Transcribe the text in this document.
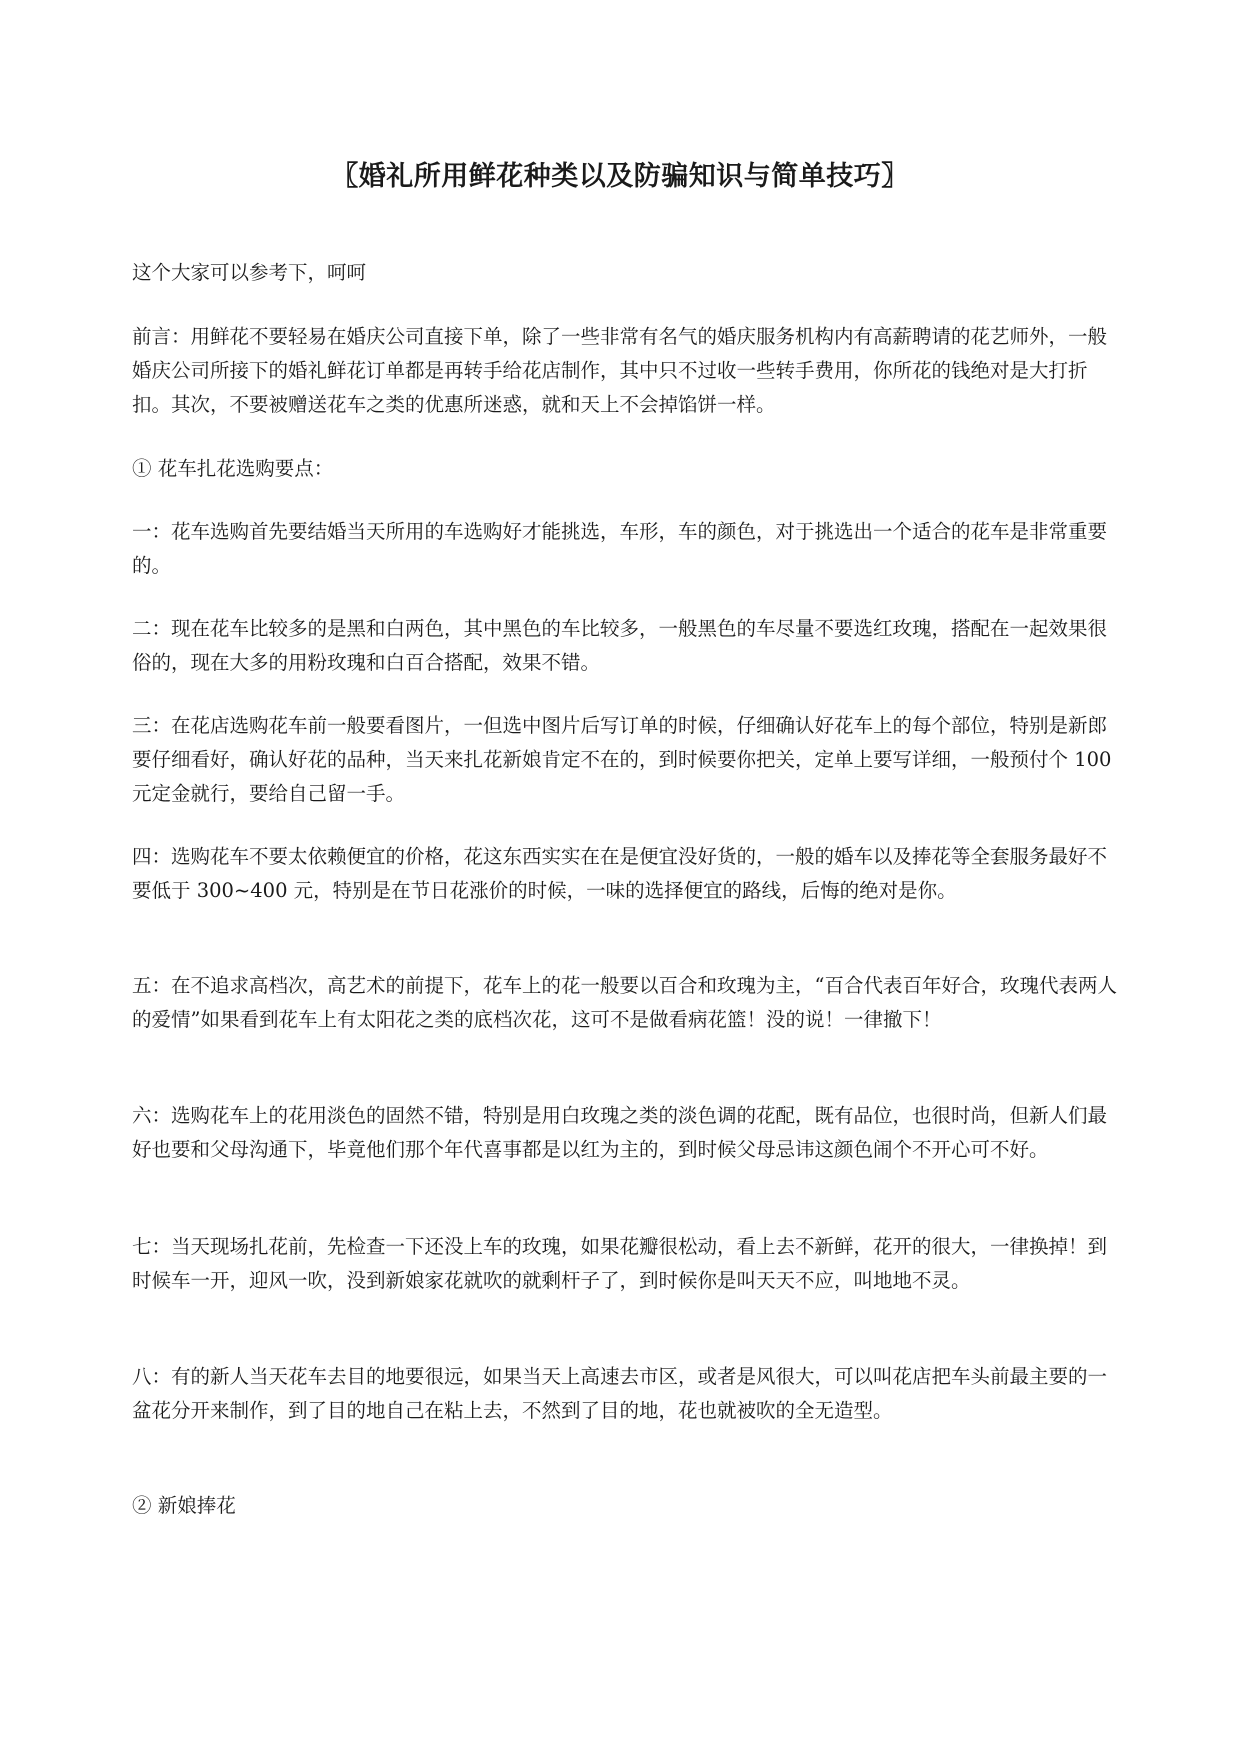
〖婚礼所用鲜花种类以及防骗知识与简单技巧〗

这个大家可以参考下，呵呵

前言：用鲜花不要轻易在婚庆公司直接下单，除了一些非常有名气的婚庆服务机构内有高薪聘请的花艺师外，一般婚庆公司所接下的婚礼鲜花订单都是再转手给花店制作，其中只不过收一些转手费用，你所花的钱绝对是大打折扣。其次，不要被赠送花车之类的优惠所迷惑，就和天上不会掉馅饼一样。

① 花车扎花选购要点：

一：花车选购首先要结婚当天所用的车选购好才能挑选，车形，车的颜色，对于挑选出一个适合的花车是非常重要的。

二：现在花车比较多的是黑和白两色，其中黑色的车比较多，一般黑色的车尽量不要选红玫瑰，搭配在一起效果很俗的，现在大多的用粉玫瑰和白百合搭配，效果不错。

三：在花店选购花车前一般要看图片，一但选中图片后写订单的时候，仔细确认好花车上的每个部位，特别是新郎要仔细看好，确认好花的品种，当天来扎花新娘肯定不在的，到时候要你把关，定单上要写详细，一般预付个 100 元定金就行，要给自己留一手。

四：选购花车不要太依赖便宜的价格，花这东西实实在在是便宜没好货的，一般的婚车以及捧花等全套服务最好不要低于 300~400 元，特别是在节日花涨价的时候，一味的选择便宜的路线，后悔的绝对是你。

五：在不追求高档次，高艺术的前提下，花车上的花一般要以百合和玫瑰为主，“百合代表百年好合，玫瑰代表两人的爱情”如果看到花车上有太阳花之类的底档次花，这可不是做看病花篮！没的说！一律撤下！

六：选购花车上的花用淡色的固然不错，特别是用白玫瑰之类的淡色调的花配，既有品位，也很时尚，但新人们最好也要和父母沟通下，毕竟他们那个年代喜事都是以红为主的，到时候父母忌讳这颜色闹个不开心可不好。

七：当天现场扎花前，先检查一下还没上车的玫瑰，如果花瓣很松动，看上去不新鲜，花开的很大，一律换掉！到时候车一开，迎风一吹，没到新娘家花就吹的就剩杆子了，到时候你是叫天天不应，叫地地不灵。

八：有的新人当天花车去目的地要很远，如果当天上高速去市区，或者是风很大，可以叫花店把车头前最主要的一盆花分开来制作，到了目的地自己在粘上去，不然到了目的地，花也就被吹的全无造型。

② 新娘捧花
